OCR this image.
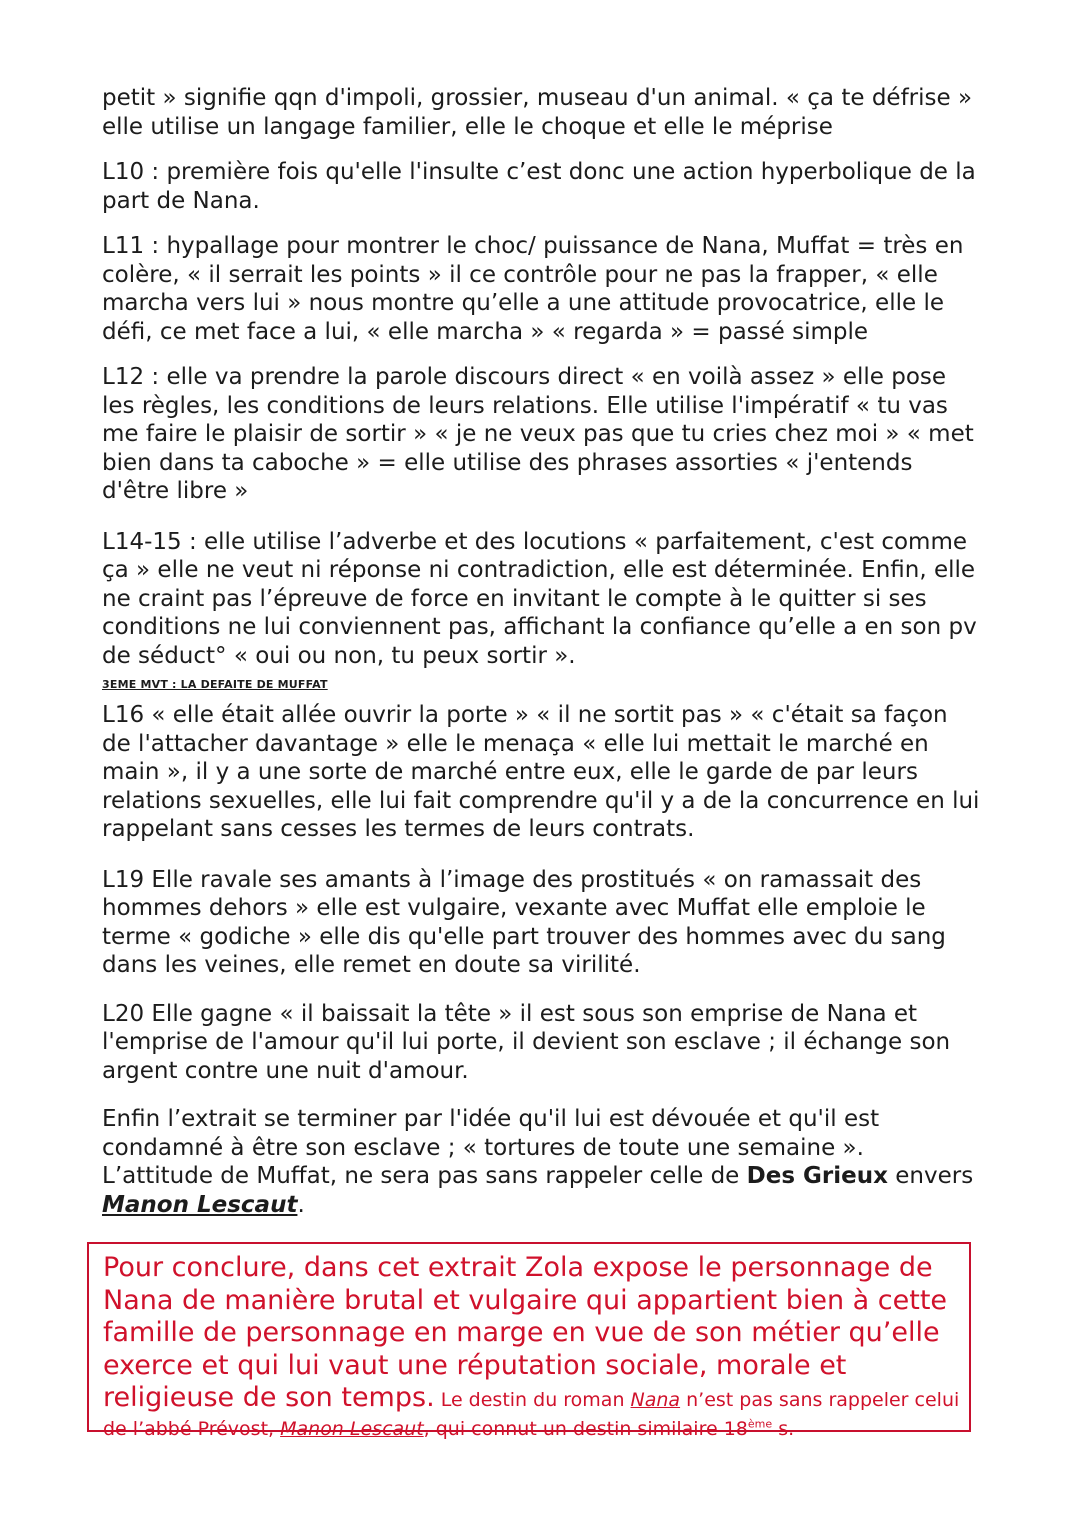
petit » signifie qqn d'impoli, grossier, museau d'un animal. « ça te défrise » elle utilise un langage familier, elle le choque et elle le méprise

L10 : première fois qu'elle l'insulte c’est donc une action hyperbolique de la part de Nana.

L11 : hypallage pour montrer le choc/ puissance de Nana, Muffat = très en colère, « il serrait les points » il ce contrôle pour ne pas la frapper, « elle marcha vers lui » nous montre qu’elle a une attitude provocatrice, elle le défi, ce met face a lui, « elle marcha » « regarda » = passé simple

L12 : elle va prendre la parole discours direct « en voilà assez » elle pose les règles, les conditions de leurs relations. Elle utilise l'impératif « tu vas me faire le plaisir de sortir » « je ne veux pas que tu cries chez moi » « met bien dans ta caboche » = elle utilise des phrases assorties « j'entends d'être libre »

L14-15 : elle utilise l’adverbe et des locutions « parfaitement, c'est comme ça » elle ne veut ni réponse ni contradiction, elle est déterminée. Enfin, elle ne craint pas l’épreuve de force en invitant le compte à le quitter si ses conditions ne lui conviennent pas, affichant la confiance qu’elle a en son pv de séduct° « oui ou non, tu peux sortir ».

3EME MVT : LA DEFAITE DE MUFFAT

L16 « elle était allée ouvrir la porte » « il ne sortit pas » « c'était sa façon de l'attacher davantage » elle le menaça « elle lui mettait le marché en main », il y a une sorte de marché entre eux, elle le garde de par leurs relations sexuelles, elle lui fait comprendre qu'il y a de la concurrence en lui rappelant sans cesses les termes de leurs contrats.

L19 Elle ravale ses amants à l’image des prostitués « on ramassait des hommes dehors » elle est vulgaire, vexante avec Muffat elle emploie le terme « godiche » elle dis qu'elle part trouver des hommes avec du sang dans les veines, elle remet en doute sa virilité.

L20 Elle gagne « il baissait la tête » il est sous son emprise de Nana et l'emprise de l'amour qu'il lui porte, il devient son esclave ; il échange son argent contre une nuit d'amour.

Enfin l’extrait se terminer par l'idée qu'il lui est dévouée et qu'il est condamné à être son esclave ; « tortures de toute une semaine ». L’attitude de Muffat, ne sera pas sans rappeler celle de Des Grieux envers Manon Lescaut.

Pour conclure, dans cet extrait Zola expose le personnage de Nana de manière brutal et vulgaire qui appartient bien à cette famille de personnage en marge en vue de son métier qu’elle exerce et qui lui vaut une réputation sociale, morale et religieuse de son temps. Le destin du roman Nana n’est pas sans rappeler celui de l’abbé Prévost, Manon Lescaut, qui connut un destin similaire 18ème s.
